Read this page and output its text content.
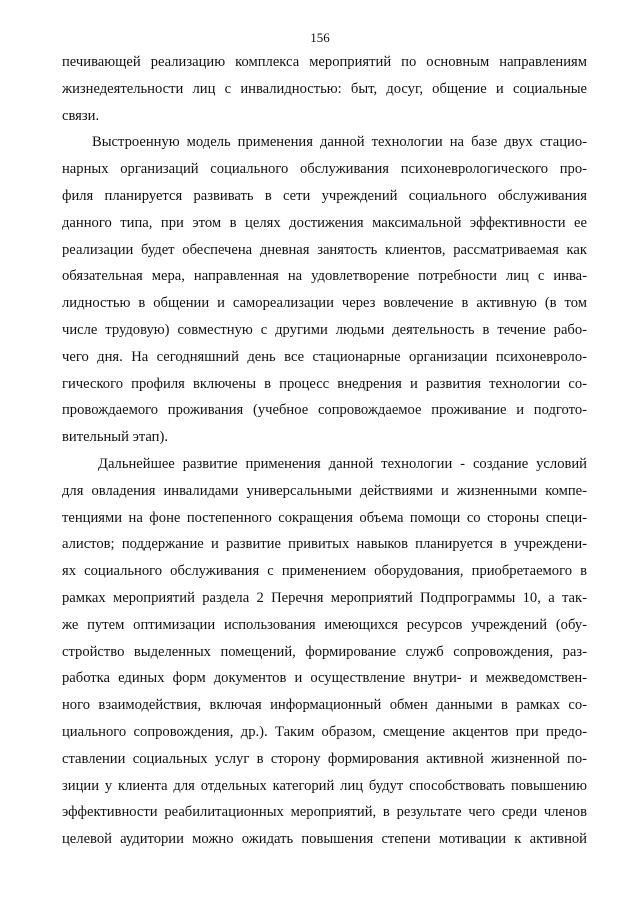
156
печивающей реализацию комплекса мероприятий по основным направлениям
жизнедеятельности лиц с инвалидностью: быт, досуг, общение и социальные
связи.
Выстроенную модель применения данной технологии на базе двух стацио-
нарных организаций социального обслуживания психоневрологического про-
филя планируется развивать в сети учреждений социального обслуживания
данного типа, при этом в целях достижения максимальной эффективности ее
реализации будет обеспечена дневная занятость клиентов, рассматриваемая как
обязательная мера, направленная на удовлетворение потребности лиц с инва-
лидностью в общении и самореализации через вовлечение в активную (в том
числе трудовую) совместную с другими людьми деятельность в течение рабо-
чего дня. На сегодняшний день все стационарные организации психоневроло-
гического профиля включены в процесс внедрения и развития технологии со-
провождаемого проживания (учебное сопровождаемое проживание и подгото-
вительный этап).
Дальнейшее развитие применения данной технологии - создание условий
для овладения инвалидами универсальными действиями и жизненными компе-
тенциями на фоне постепенного сокращения объема помощи со стороны специ-
алистов; поддержание и развитие привитых навыков планируется в учреждени-
ях социального обслуживания с применением оборудования, приобретаемого в
рамках мероприятий раздела 2 Перечня мероприятий Подпрограммы 10, а так-
же путем оптимизации использования имеющихся ресурсов учреждений (обу-
стройство выделенных помещений, формирование служб сопровождения, раз-
работка единых форм документов и осуществление внутри- и межведомствен-
ного взаимодействия, включая информационный обмен данными в рамках со-
циального сопровождения, др.). Таким образом, смещение акцентов при предо-
ставлении социальных услуг в сторону формирования активной жизненной по-
зиции у клиента для отдельных категорий лиц будут способствовать повышению
эффективности реабилитационных мероприятий, в результате чего среди членов
целевой аудитории можно ожидать повышения степени мотивации к активной
